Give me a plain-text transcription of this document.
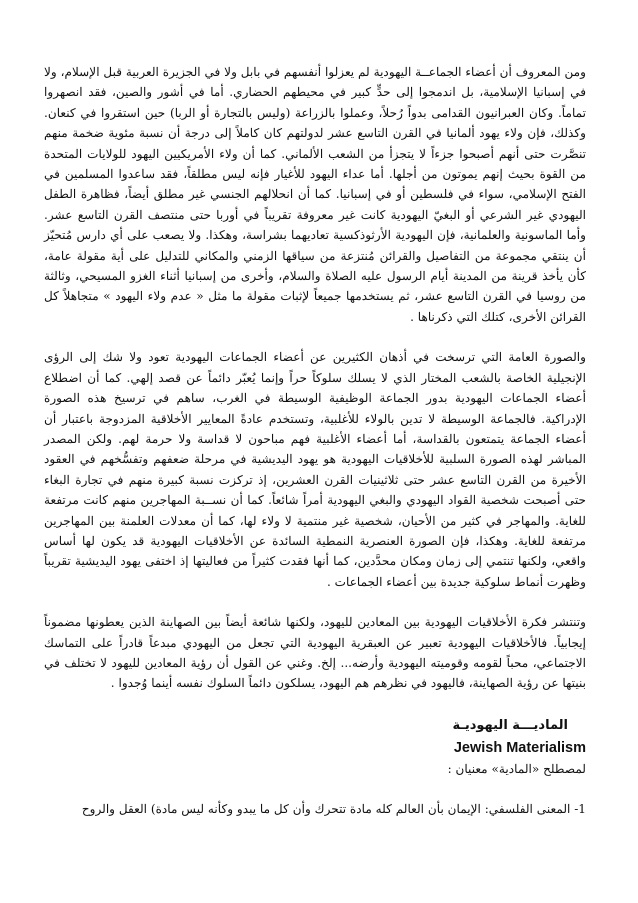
ومن المعروف أن أعضاء الجماعــة اليهودية لم يعزلوا أنفسهم في بابل ولا في الجزيرة العربية قبل الإسلام، ولا في إسبانيا الإسلامية، بل اندمجوا إلى حدٍّ كبير في محيطهم الحضاري. أما في أشور والصين، فقد انصهروا تماماً. وكان العبرانيون القدامى بدواً رُحلاً، وعملوا بالزراعة (وليس بالتجارة أو الربا) حين استقروا في كنعان. وكذلك، فإن ولاء يهود ألمانيا في القرن التاسع عشر لدولتهم كان كاملاً إلى درجة أن نسبة مئوية ضخمة منهم تنصَّرت حتى أنهم أصبحوا جزءاً لا يتجزأ من الشعب الألماني. كما أن ولاء الأمريكيين اليهود للولايات المتحدة من القوة بحيث إنهم يموتون من أجلها. أما عداء اليهود للأغيار فإنه ليس مطلقاً، فقد ساعدوا المسلمين في الفتح الإسلامي، سواء في فلسطين أو في إسبانيا. كما أن انحلالهم الجنسي غير مطلق أيضاً، فظاهرة الطفل اليهودي غير الشرعي أو البغيّ اليهودية كانت غير معروفة تقريباً في أوربا حتى منتصف القرن التاسع عشر. وأما الماسونية والعلمانية، فإن اليهودية الأرثوذكسية تعاديهما بشراسة، وهكذا. ولا يصعب على أي دارس مُتحيّز أن ينتقي مجموعة من التفاصيل والقرائن مُنتزعة من سياقها الزمني والمكاني للتدليل على أية مقولة عامة، كأن يأخذ قرينة من المدينة أيام الرسول عليه الصلاة والسلام، وأخرى من إسبانيا أثناء الغزو المسيحي، وثالثة من روسيا في القرن التاسع عشر، ثم يستخدمها جميعاً لإثبات مقولة ما مثل « عدم ولاء اليهود » متجاهلاً كل القرائن الأخرى، كتلك التي ذكرناها .

والصورة العامة التي ترسخت في أذهان الكثيرين عن أعضاء الجماعات اليهودية تعود ولا شك إلى الرؤى الإنجيلية الخاصة بالشعب المختار الذي لا يسلك سلوكاً حراً وإنما يُعبّر دائماً عن قصد إلهي. كما أن اضطلاع أعضاء الجماعات اليهودية بدور الجماعة الوظيفية الوسيطة في الغرب، ساهم في ترسيخ هذه الصورة الإدراكية. فالجماعة الوسيطة لا تدين بالولاء للأغلبية، وتستخدم عادةً المعايير الأخلاقية المزدوجة باعتبار أن أعضاء الجماعة يتمتعون بالقداسة، أما أعضاء الأغلبية فهم مباحون لا قداسة ولا حرمة لهم. ولكن المصدر المباشر لهذه الصورة السلبية للأخلاقيات اليهودية هو يهود اليديشية في مرحلة ضعفهم وتفسُّخهم في العقود الأخيرة من القرن التاسع عشر حتى ثلاثينيات القرن العشرين، إذ تركزت نسبة كبيرة منهم في تجارة البغاء حتى أصبحت شخصية القواد اليهودي والبغي اليهودية أمراً شائعاً. كما أن نســبة المهاجرين منهم كانت مرتفعة للغاية. والمهاجر في كثير من الأحيان، شخصية غير منتمية لا ولاء لها، كما أن معدلات العلمنة بين المهاجرين مرتفعة للغاية. وهكذا، فإن الصورة العنصرية النمطية السائدة عن الأخلاقيات اليهودية قد يكون لها أساس واقعي، ولكنها تنتمي إلى زمان ومكان محدَّدين، كما أنها فقدت كثيراً من فعاليتها إذ اختفى يهود اليديشية تقريباً وظهرت أنماط سلوكية جديدة بين أعضاء الجماعات .

وتنتشر فكرة الأخلاقيات اليهودية بين المعادين لليهود، ولكنها شائعة أيضاً بين الصهاينة الذين يعطونها مضموناً إيجابياً. فالأخلاقيات اليهودية تعبير عن العبقرية اليهودية التي تجعل من اليهودي مبدعاً قادراً على التماسك الاجتماعي، محباً لقومه وقوميته اليهودية وأرضه... إلخ. وغني عن القول أن رؤية المعادين لليهود لا تختلف في بنيتها عن رؤية الصهاينة، فاليهود في نظرهم هم اليهود، يسلكون دائماً السلوك نفسه أينما وُجدوا .

الماديـــة اليهوديـة
Jewish Materialism
لمصطلح «المادية» معنيان :
1- المعنى الفلسفي: الإيمان بأن العالم كله مادة تتحرك وأن كل ما يبدو وكأنه ليس مادة) العقل والروح
